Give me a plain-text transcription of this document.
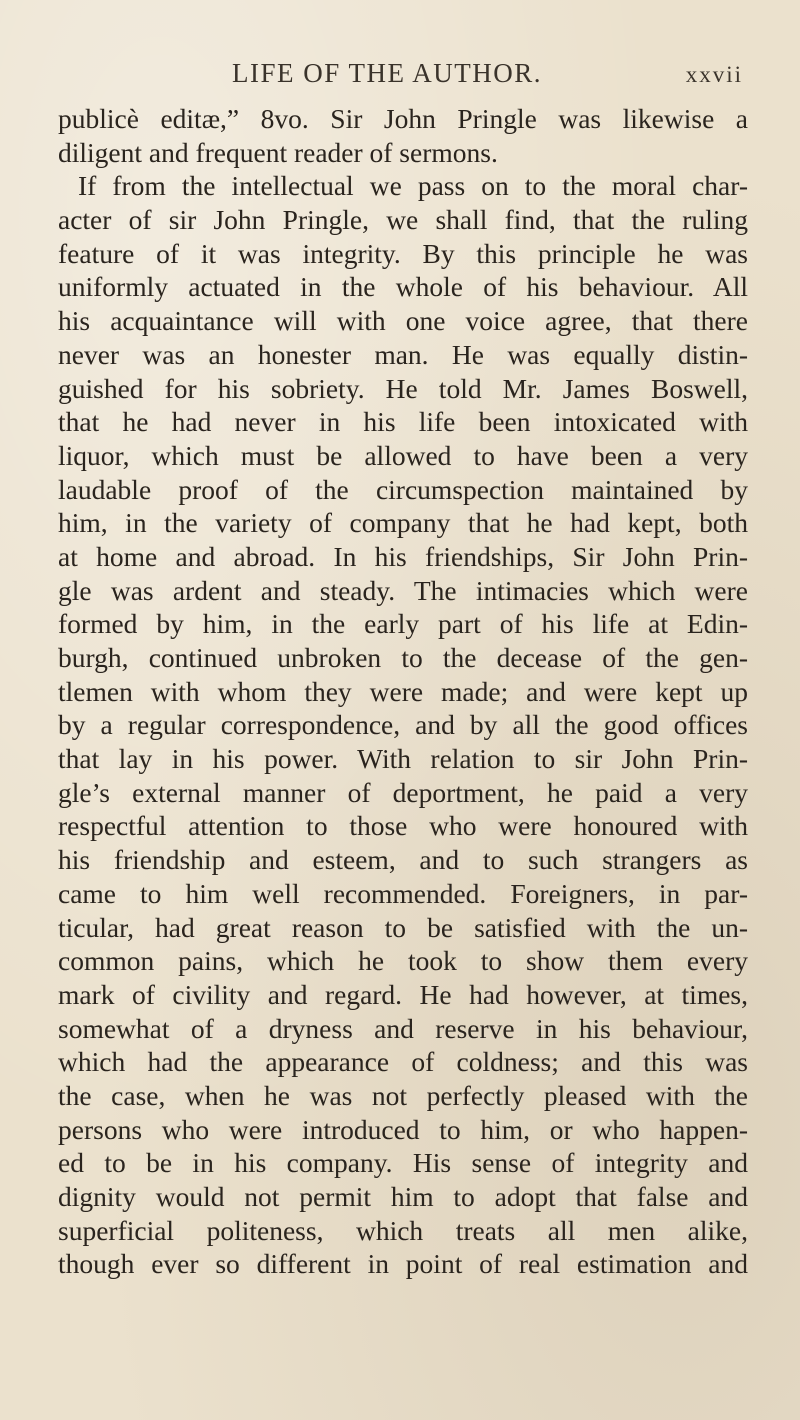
LIFE OF THE AUTHOR.	xxvii
publicè editæ,” 8vo. Sir John Pringle was likewise a
diligent and frequent reader of sermons.
If from the intellectual we pass on to the moral char-
acter of sir John Pringle, we shall find, that the ruling
feature of it was integrity. By this principle he was
uniformly actuated in the whole of his behaviour. All
his acquaintance will with one voice agree, that there
never was an honester man. He was equally distin-
guished for his sobriety. He told Mr. James Boswell,
that he had never in his life been intoxicated with
liquor, which must be allowed to have been a very
laudable proof of the circumspection maintained by
him, in the variety of company that he had kept, both
at home and abroad. In his friendships, Sir John Prin-
gle was ardent and steady. The intimacies which were
formed by him, in the early part of his life at Edin-
burgh, continued unbroken to the decease of the gen-
tlemen with whom they were made; and were kept up
by a regular correspondence, and by all the good offices
that lay in his power. With relation to sir John Prin-
gle’s external manner of deportment, he paid a very
respectful attention to those who were honoured with
his friendship and esteem, and to such strangers as
came to him well recommended. Foreigners, in par-
ticular, had great reason to be satisfied with the un-
common pains, which he took to show them every
mark of civility and regard. He had however, at times,
somewhat of a dryness and reserve in his behaviour,
which had the appearance of coldness; and this was
the case, when he was not perfectly pleased with the
persons who were introduced to him, or who happen-
ed to be in his company. His sense of integrity and
dignity would not permit him to adopt that false and
superficial politeness, which treats all men alike,
though ever so different in point of real estimation and
